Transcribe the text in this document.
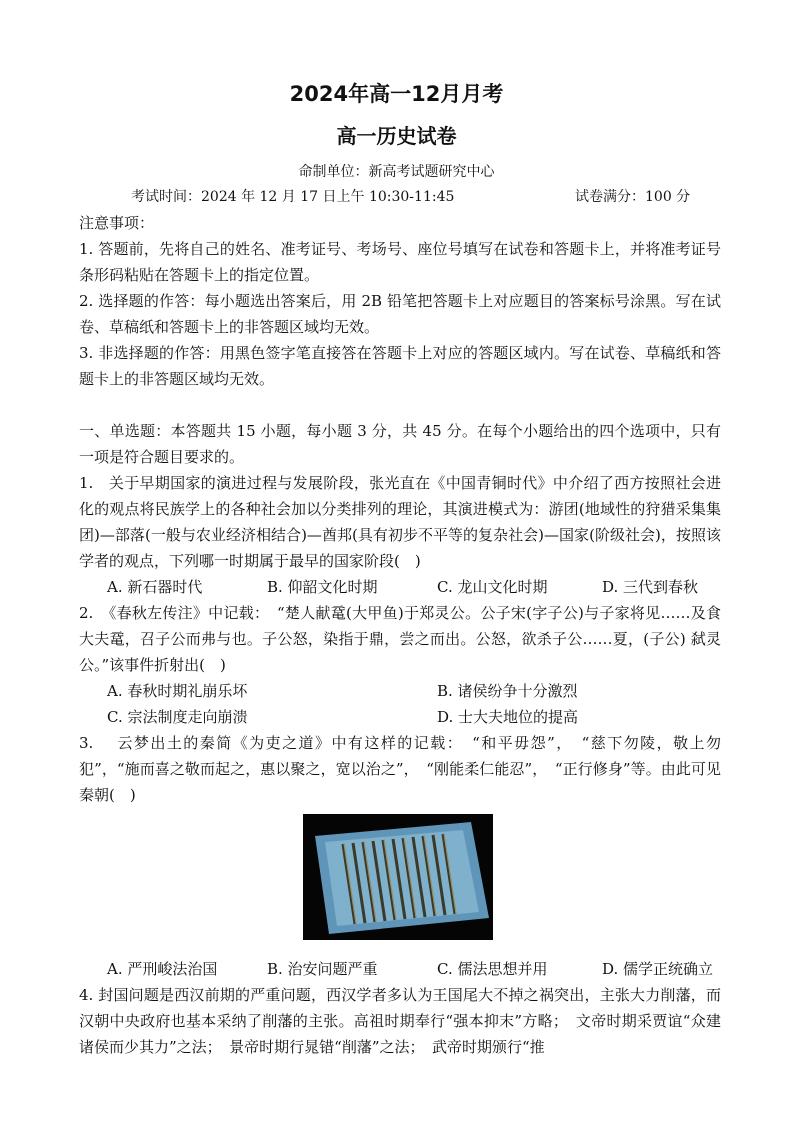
2024年高一12月月考
高一历史试卷
命制单位：新高考试题研究中心
考试时间：2024 年 12 月 17 日上午 10:30-11:45	试卷满分：100 分

注意事项：

1. 答题前，先将自己的姓名、准考证号、考场号、座位号填写在试卷和答题卡上，并将准考证号条形码粘贴在答题卡上的指定位置。

2. 选择题的作答：每小题选出答案后，用 2B 铅笔把答题卡上对应题目的答案标号涂黑。写在试卷、草稿纸和答题卡上的非答题区域均无效。

3. 非选择题的作答：用黑色签字笔直接答在答题卡上对应的答题区域内。写在试卷、草稿纸和答题卡上的非答题区域均无效。

一、单选题：本答题共 15 小题，每小题 3 分，共 45 分。在每个小题给出的四个选项中，只有一项是符合题目要求的。

1.　关于早期国家的演进过程与发展阶段，张光直在《中国青铜时代》中介绍了西方按照社会进化的观点将民族学上的各种社会加以分类排列的理论，其演进模式为：游团(地域性的狩猎采集集团)—部落(一般与农业经济相结合)—酋邦(具有初步不平等的复杂社会)—国家(阶级社会)，按照该学者的观点，下列哪一时期属于最早的国家阶段(　)

A. 新石器时代	B. 仰韶文化时期	C. 龙山文化时期	D. 三代到春秋

2.　《春秋左传注》中记载：　“楚人献鼋(大甲鱼)于郑灵公。公子宋(字子公)与子家将见……及食大夫鼋，召子公而弗与也。子公怒，染指于鼎，尝之而出。公怒，欲杀子公……夏，(子公) 弑灵公。”该事件折射出(　)

A. 春秋时期礼崩乐坏	B. 诸侯纷争十分激烈
C. 宗法制度走向崩溃	D. 士大夫地位的提高

3.　 云梦出土的秦简《为吏之道》中有这样的记载：　“和平毋怨”，　“慈下勿陵，敬上勿犯”，“施而喜之敬而起之，惠以聚之，宽以治之”，　“刚能柔仁能忍”，　“正行修身”等。由此可见秦朝(　)

A. 严刑峻法治国	B. 治安问题严重	C. 儒法思想并用	D. 儒学正统确立

4. 封国问题是西汉前期的严重问题，西汉学者多认为王国尾大不掉之祸突出，主张大力削藩，而汉朝中央政府也基本采纳了削藩的主张。高祖时期奉行“强本抑末”方略；　文帝时期采贾谊“众建诸侯而少其力”之法；　景帝时期行晁错“削藩”之法；　武帝时期颁行“推
